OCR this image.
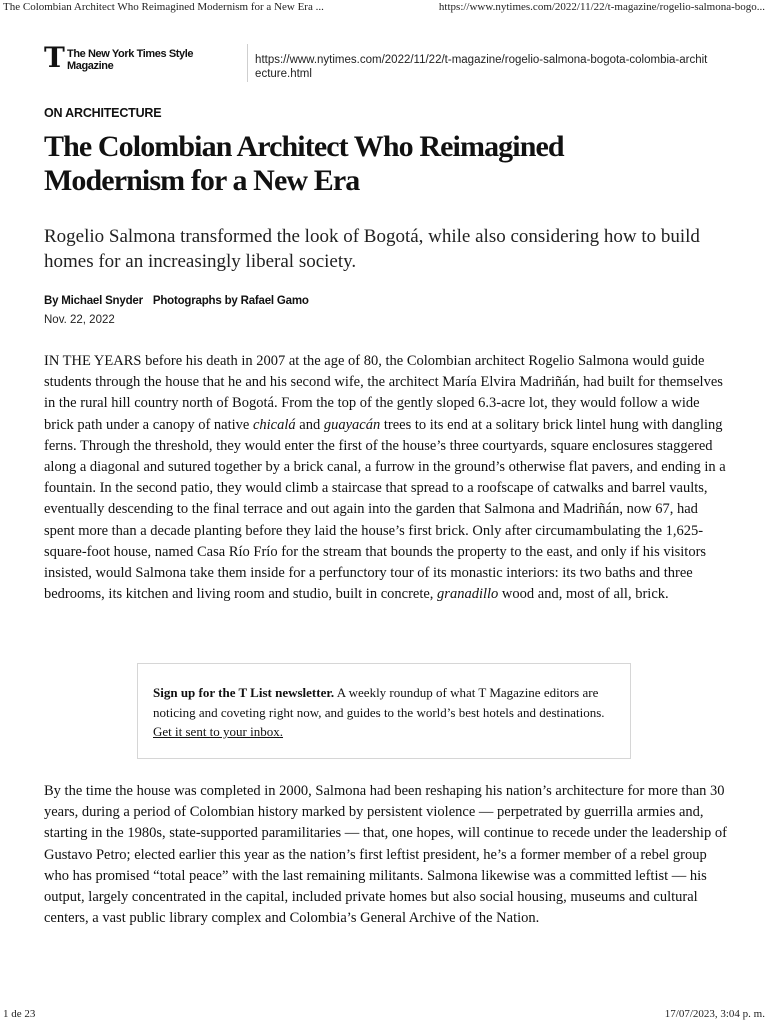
The Colombian Architect Who Reimagined Modernism for a New Era ...	https://www.nytimes.com/2022/11/22/t-magazine/rogelio-salmona-bogo...
T The New York Times Style Magazine	https://www.nytimes.com/2022/11/22/t-magazine/rogelio-salmona-bogota-colombia-architecture.html
ON ARCHITECTURE
The Colombian Architect Who Reimagined Modernism for a New Era

Rogelio Salmona transformed the look of Bogotá, while also considering how to build homes for an increasingly liberal society.

By Michael Snyder Photographs by Rafael Gamo
Nov. 22, 2022

IN THE YEARS before his death in 2007 at the age of 80, the Colombian architect Rogelio Salmona would guide students through the house that he and his second wife, the architect María Elvira Madriñán, had built for themselves in the rural hill country north of Bogotá. From the top of the gently sloped 6.3-acre lot, they would follow a wide brick path under a canopy of native chicalá and guayacán trees to its end at a solitary brick lintel hung with dangling ferns. Through the threshold, they would enter the first of the house’s three courtyards, square enclosures staggered along a diagonal and sutured together by a brick canal, a furrow in the ground’s otherwise flat pavers, and ending in a fountain. In the second patio, they would climb a staircase that spread to a roofscape of catwalks and barrel vaults, eventually descending to the final terrace and out again into the garden that Salmona and Madriñán, now 67, had spent more than a decade planting before they laid the house’s first brick. Only after circumambulating the 1,625-square-foot house, named Casa Río Frío for the stream that bounds the property to the east, and only if his visitors insisted, would Salmona take them inside for a perfunctory tour of its monastic interiors: its two baths and three bedrooms, its kitchen and living room and studio, built in concrete, granadillo wood and, most of all, brick.

Sign up for the T List newsletter. A weekly roundup of what T Magazine editors are noticing and coveting right now, and guides to the world’s best hotels and destinations. Get it sent to your inbox.

By the time the house was completed in 2000, Salmona had been reshaping his nation’s architecture for more than 30 years, during a period of Colombian history marked by persistent violence — perpetrated by guerrilla armies and, starting in the 1980s, state-supported paramilitaries — that, one hopes, will continue to recede under the leadership of Gustavo Petro; elected earlier this year as the nation’s first leftist president, he’s a former member of a rebel group who has promised “total peace” with the last remaining militants. Salmona likewise was a committed leftist — his output, largely concentrated in the capital, included private homes but also social housing, museums and cultural centers, a vast public library complex and Colombia’s General Archive of the Nation.

1 de 23	17/07/2023, 3:04 p. m.
